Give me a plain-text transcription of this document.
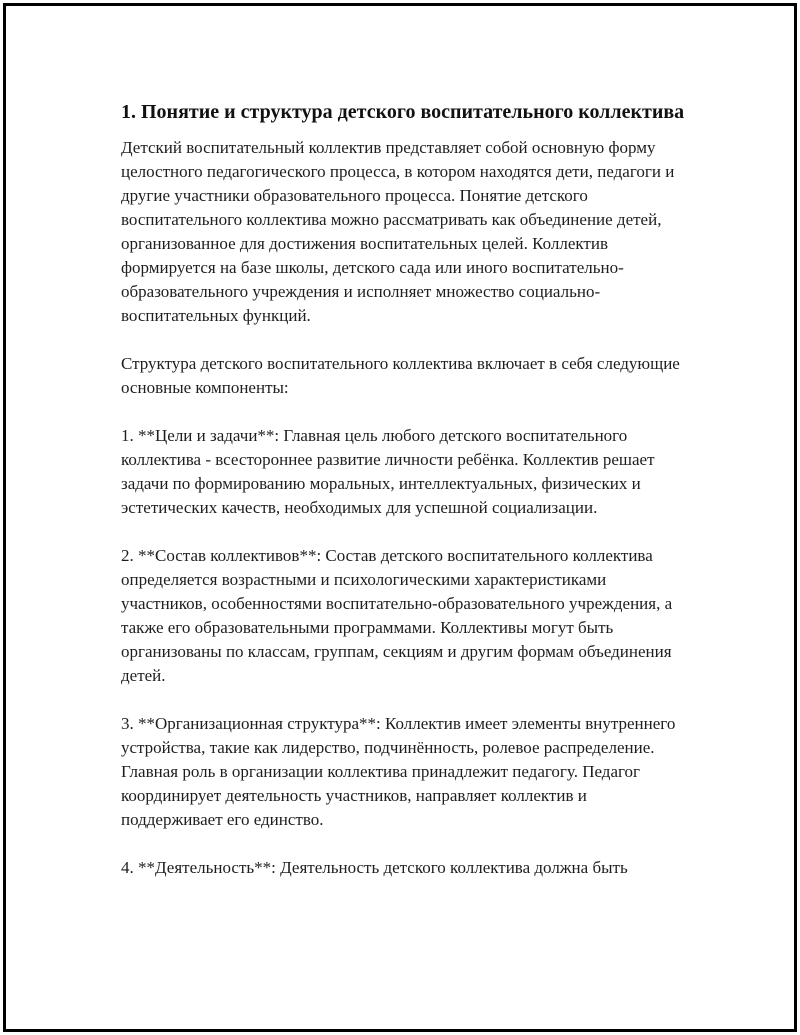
1. Понятие и структура детского воспитательного коллектива

Детский воспитательный коллектив представляет собой основную форму целостного педагогического процесса, в котором находятся дети, педагоги и другие участники образовательного процесса. Понятие детского воспитательного коллектива можно рассматривать как объединение детей, организованное для достижения воспитательных целей. Коллектив формируется на базе школы, детского сада или иного воспитательно-образовательного учреждения и исполняет множество социально-воспитательных функций.

Структура детского воспитательного коллектива включает в себя следующие основные компоненты:

1. **Цели и задачи**: Главная цель любого детского воспитательного коллектива - всестороннее развитие личности ребёнка. Коллектив решает задачи по формированию моральных, интеллектуальных, физических и эстетических качеств, необходимых для успешной социализации.

2. **Состав коллективов**: Состав детского воспитательного коллектива определяется возрастными и психологическими характеристиками участников, особенностями воспитательно-образовательного учреждения, а также его образовательными программами. Коллективы могут быть организованы по классам, группам, секциям и другим формам объединения детей.

3. **Организационная структура**: Коллектив имеет элементы внутреннего устройства, такие как лидерство, подчинённость, ролевое распределение. Главная роль в организации коллектива принадлежит педагогу. Педагог координирует деятельность участников, направляет коллектив и поддерживает его единство.

4. **Деятельность**: Деятельность детского коллектива должна быть
